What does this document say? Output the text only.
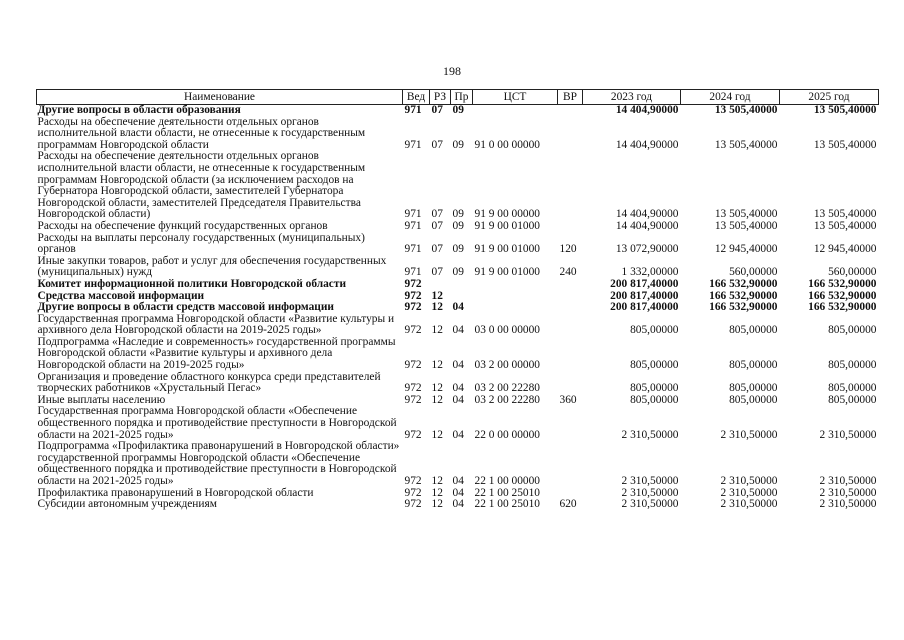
198
Наименование	Вед	РЗ	Пр	ЦСТ	ВР	2023 год	2024 год	2025 год
Другие вопросы в области образования	971	07	09			14 404,90000	13 505,40000	13 505,40000
Расходы на обеспечение деятельности отдельных органов исполнительной власти области, не отнесенные к государственным программам Новгородской области	971	07	09	91 0 00 00000		14 404,90000	13 505,40000	13 505,40000
Расходы на обеспечение деятельности отдельных органов исполнительной власти области, не отнесенные к государственным программам Новгородской области (за исключением расходов на Губернатора Новгородской области, заместителей Губернатора Новгородской области, заместителей Председателя Правительства Новгородской области)	971	07	09	91 9 00 00000		14 404,90000	13 505,40000	13 505,40000
Расходы на обеспечение функций государственных органов	971	07	09	91 9 00 01000		14 404,90000	13 505,40000	13 505,40000
Расходы на выплаты персоналу государственных (муниципальных) органов	971	07	09	91 9 00 01000	120	13 072,90000	12 945,40000	12 945,40000
Иные закупки товаров, работ и услуг для обеспечения государственных (муниципальных) нужд	971	07	09	91 9 00 01000	240	1 332,00000	560,00000	560,00000
Комитет информационной политики Новгородской области	972					200 817,40000	166 532,90000	166 532,90000
Средства массовой информации	972	12				200 817,40000	166 532,90000	166 532,90000
Другие вопросы в области средств массовой информации	972	12	04			200 817,40000	166 532,90000	166 532,90000
Государственная программа Новгородской области «Развитие культуры и архивного дела Новгородской области на 2019-2025 годы»	972	12	04	03 0 00 00000		805,00000	805,00000	805,00000
Подпрограмма «Наследие и современность» государственной программы Новгородской области «Развитие культуры и архивного дела Новгородской области на 2019-2025 годы»	972	12	04	03 2 00 00000		805,00000	805,00000	805,00000
Организация и проведение областного конкурса среди представителей творческих работников «Хрустальный Пегас»	972	12	04	03 2 00 22280		805,00000	805,00000	805,00000
Иные выплаты населению	972	12	04	03 2 00 22280	360	805,00000	805,00000	805,00000
Государственная программа Новгородской области «Обеспечение общественного порядка и противодействие преступности в Новгородской области на 2021-2025 годы»	972	12	04	22 0 00 00000		2 310,50000	2 310,50000	2 310,50000
Подпрограмма «Профилактика правонарушений в Новгородской области» государственной программы Новгородской области «Обеспечение общественного порядка и противодействие преступности в Новгородской области на 2021-2025 годы»	972	12	04	22 1 00 00000		2 310,50000	2 310,50000	2 310,50000
Профилактика правонарушений в Новгородской области	972	12	04	22 1 00 25010		2 310,50000	2 310,50000	2 310,50000
Субсидии автономным учреждениям	972	12	04	22 1 00 25010	620	2 310,50000	2 310,50000	2 310,50000
